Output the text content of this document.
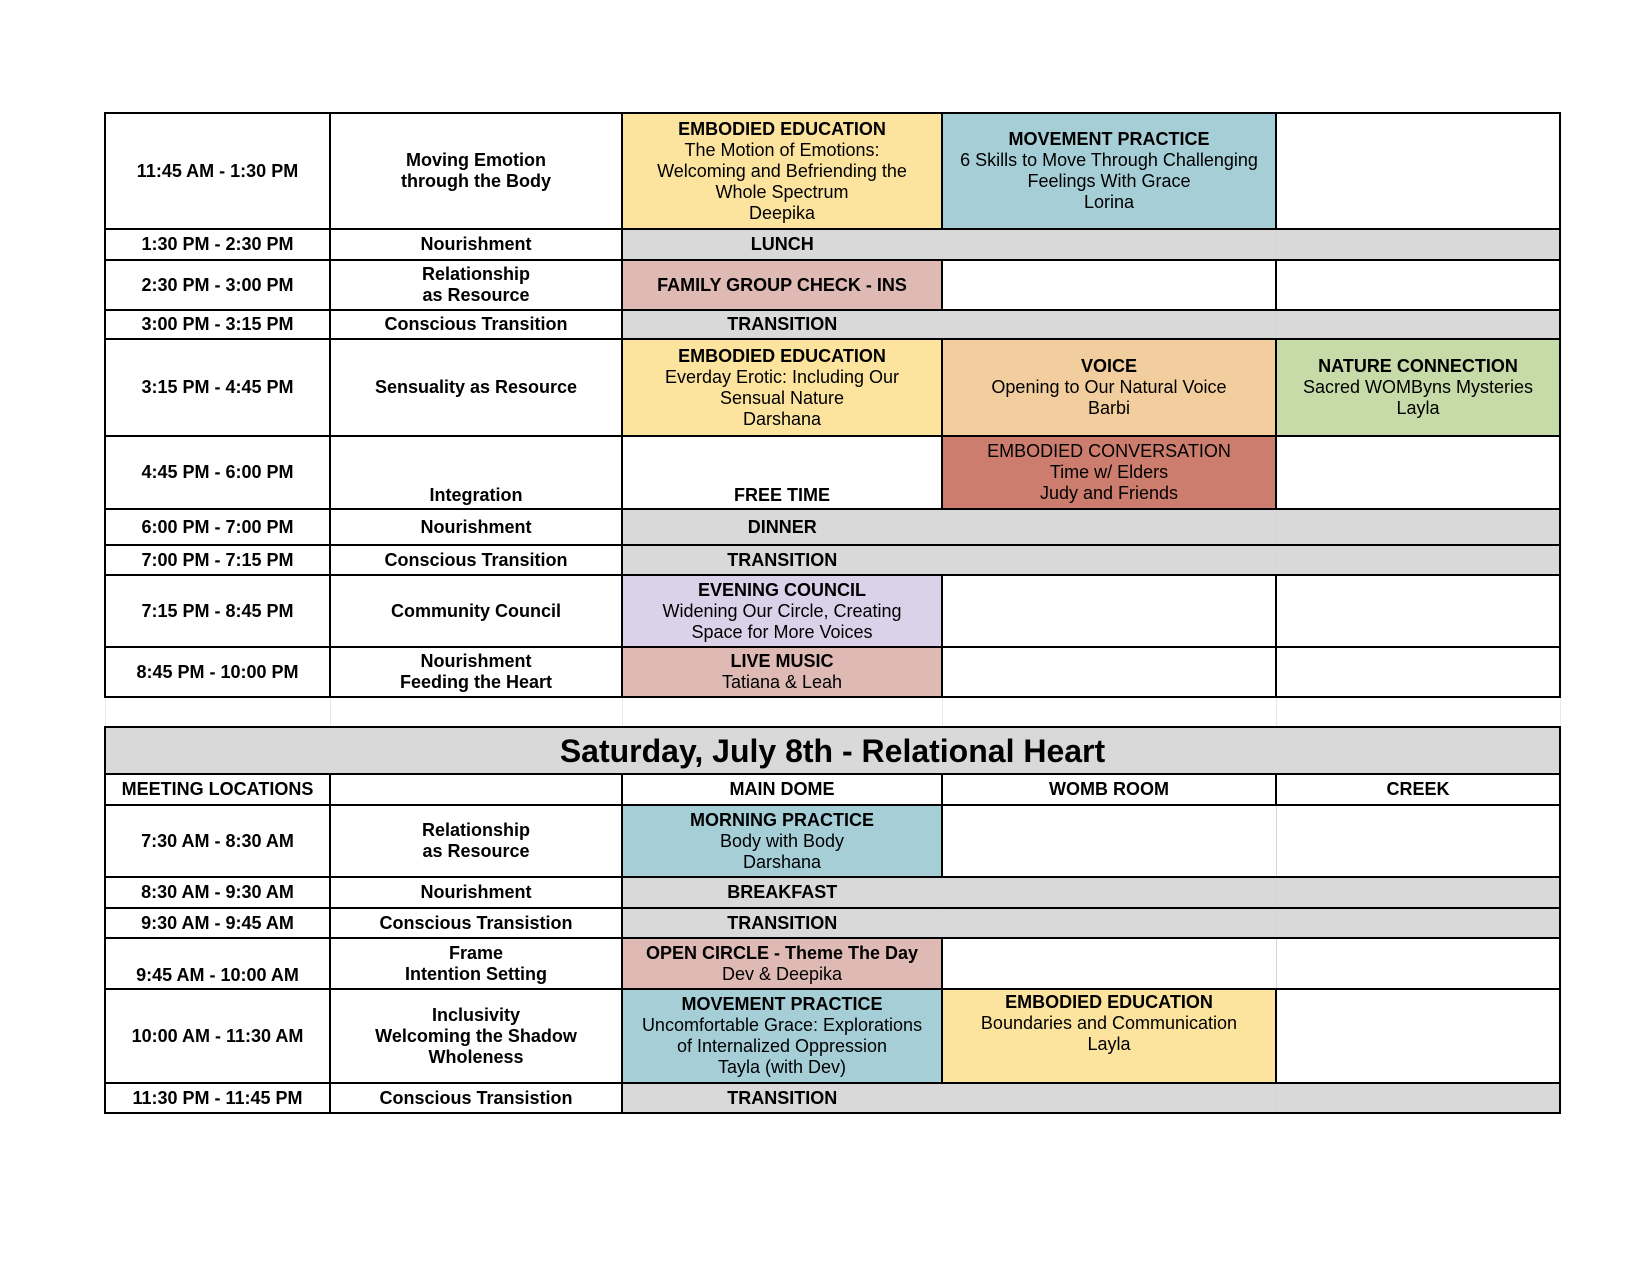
11:45 AM - 1:30 PM	Moving Emotion
through the Body	EMBODIED EDUCATION
The Motion of Emotions:
Welcoming and Befriending the
Whole Spectrum
Deepika	MOVEMENT PRACTICE
6 Skills to Move Through Challenging
Feelings With Grace
Lorina	

1:30 PM - 2:30 PM	Nourishment	LUNCH		
2:30 PM - 3:00 PM	Relationship
as Resource	FAMILY GROUP CHECK - INS		
3:00 PM - 3:15 PM	Conscious Transition	TRANSITION		
3:15 PM - 4:45 PM	Sensuality as Resource	EMBODIED EDUCATION
Everday Erotic: Including Our
Sensual Nature
Darshana	VOICE
Opening to Our Natural Voice
Barbi	NATURE CONNECTION
Sacred WOMByns Mysteries
Layla

4:45 PM - 6:00 PM	Integration	FREE TIME	EMBODIED CONVERSATION
Time w/ Elders
Judy and Friends	

6:00 PM - 7:00 PM	Nourishment	DINNER		
7:00 PM - 7:15 PM	Conscious Transition	TRANSITION		
7:15 PM - 8:45 PM	Community Council	EVENING COUNCIL
Widening Our Circle, Creating
Space for More Voices		

8:45 PM - 10:00 PM	Nourishment
Feeding the Heart	LIVE MUSIC
Tatiana & Leah		

Saturday, July 8th - Relational Heart				
MEETING LOCATIONS		MAIN DOME	WOMB ROOM	CREEK
7:30 AM - 8:30 AM	Relationship
as Resource	MORNING PRACTICE
Body with Body
Darshana		

8:30 AM - 9:30 AM	Nourishment	BREAKFAST		
9:30 AM - 9:45 AM	Conscious Transistion	TRANSITION		
9:45 AM - 10:00 AM	Frame
Intention Setting	OPEN CIRCLE - Theme The Day
Dev & Deepika		

10:00 AM - 11:30 AM	Inclusivity
Welcoming the Shadow
Wholeness	MOVEMENT PRACTICE
Uncomfortable Grace: Explorations
of Internalized Oppression
Tayla (with Dev)	EMBODIED EDUCATION
Boundaries and Communication
Layla	

11:30 PM - 11:45 PM	Conscious Transistion	TRANSITION		
